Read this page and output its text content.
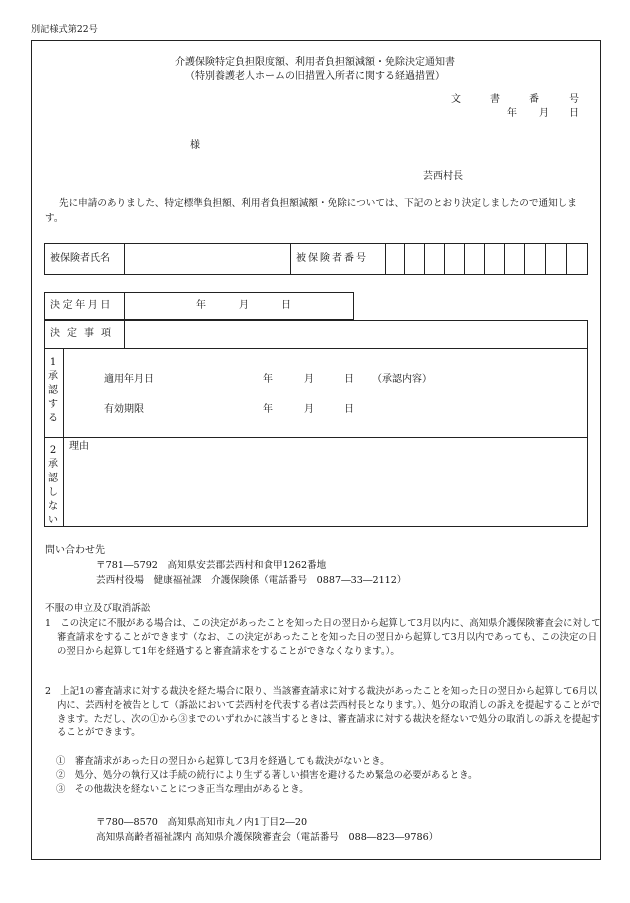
別記様式第22号
介護保険特定負担限度額、利用者負担額減額・免除決定通知書
（特別養護老人ホームの旧措置入所者に関する経過措置）
文	書	番	号
年 月 日
様
芸西村長
先に申請のありました、特定標準負担額、利用者負担額減額・免除については、下記のとおり決定しましたので通知します。
被保険者氏名	被保険者番号
決定年月日	年	月	日
決定事項
1承認する
適用年月日	年	月	日 （承認内容）
有効期限	年	月	日
2承認しない
理由
問い合わせ先
〒781―5792　高知県安芸郡芸西村和食甲1262番地
芸西村役場　健康福祉課　介護保険係（電話番号　0887―33―2112）
不服の申立及び取消訴訟
1　この決定に不服がある場合は、この決定があったことを知った日の翌日から起算して3月以内に、高知県介護保険審査会に対して審査請求をすることができます（なお、この決定があったことを知った日の翌日から起算して3月以内であっても、この決定の日の翌日から起算して1年を経過すると審査請求をすることができなくなります。）。
2　上記1の審査請求に対する裁決を経た場合に限り、当該審査請求に対する裁決があったことを知った日の翌日から起算して6月以内に、芸西村を被告として（訴訟において芸西村を代表する者は芸西村長となります。）、処分の取消しの訴えを提起することができます。ただし、次の①から③までのいずれかに該当するときは、審査請求に対する裁決を経ないで処分の取消しの訴えを提起することができます。
①　審査請求があった日の翌日から起算して3月を経過しても裁決がないとき。
②　処分、処分の執行又は手続の続行により生ずる著しい損害を避けるため緊急の必要があるとき。
③　その他裁決を経ないことにつき正当な理由があるとき。
〒780―8570　高知県高知市丸ノ内1丁目2―20
高知県高齢者福祉課内 高知県介護保険審査会（電話番号　088―823―9786）
